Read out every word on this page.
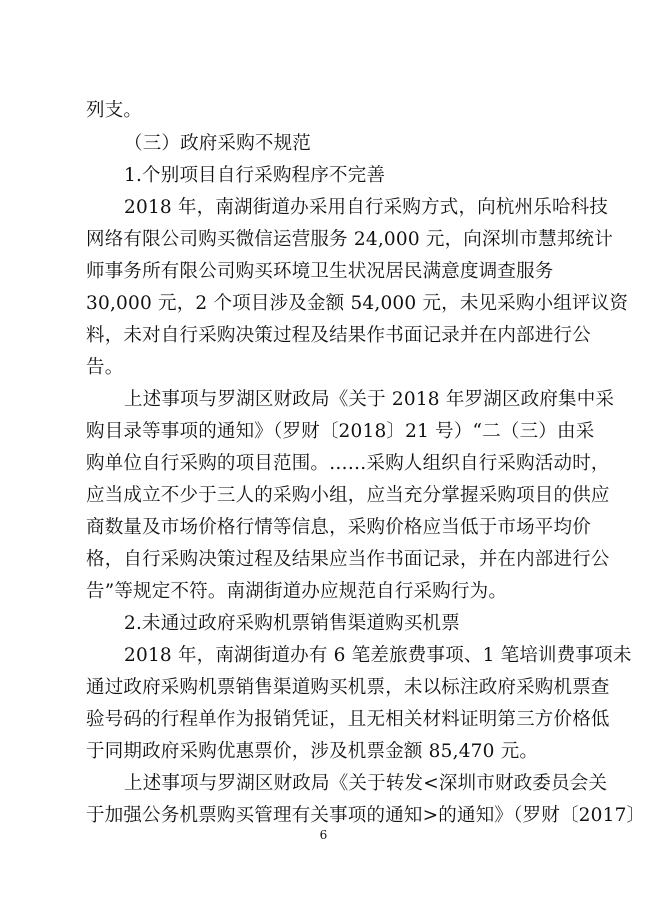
列支。
（三）政府采购不规范
1.个别项目自行采购程序不完善
2018 年，南湖街道办采用自行采购方式，向杭州乐哈科技
网络有限公司购买微信运营服务 24,000 元，向深圳市慧邦统计
师事务所有限公司购买环境卫生状况居民满意度调查服务
30,000 元，2 个项目涉及金额 54,000 元，未见采购小组评议资
料，未对自行采购决策过程及结果作书面记录并在内部进行公
告。
上述事项与罗湖区财政局《关于 2018 年罗湖区政府集中采
购目录等事项的通知》（罗财〔2018〕21 号）“二（三）由采
购单位自行采购的项目范围。……采购人组织自行采购活动时，
应当成立不少于三人的采购小组，应当充分掌握采购项目的供应
商数量及市场价格行情等信息，采购价格应当低于市场平均价
格，自行采购决策过程及结果应当作书面记录，并在内部进行公
告”等规定不符。南湖街道办应规范自行采购行为。
2.未通过政府采购机票销售渠道购买机票
2018 年，南湖街道办有 6 笔差旅费事项、1 笔培训费事项未
通过政府采购机票销售渠道购买机票，未以标注政府采购机票查
验号码的行程单作为报销凭证，且无相关材料证明第三方价格低
于同期政府采购优惠票价，涉及机票金额 85,470 元。
上述事项与罗湖区财政局《关于转发<深圳市财政委员会关
于加强公务机票购买管理有关事项的通知>的通知》（罗财〔2017〕
6
